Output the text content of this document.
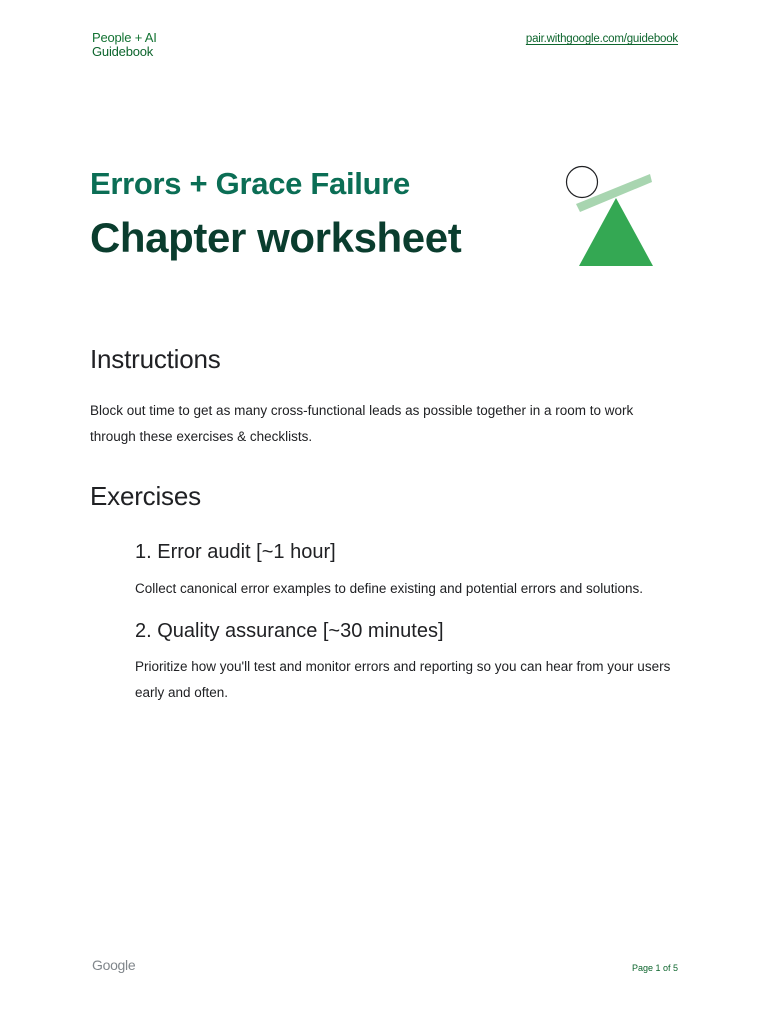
People + AI
Guidebook
pair.withgoogle.com/guidebook
Errors + Grace Failure
Chapter worksheet
Instructions
Block out time to get as many cross-functional leads as possible together in a room to work through these exercises & checklists.
Exercises
1. Error audit [~1 hour]
Collect canonical error examples to define existing and potential errors and solutions.
2. Quality assurance [~30 minutes]
Prioritize how you'll test and monitor errors and reporting so you can hear from your users early and often.
Google	Page 1 of 5
